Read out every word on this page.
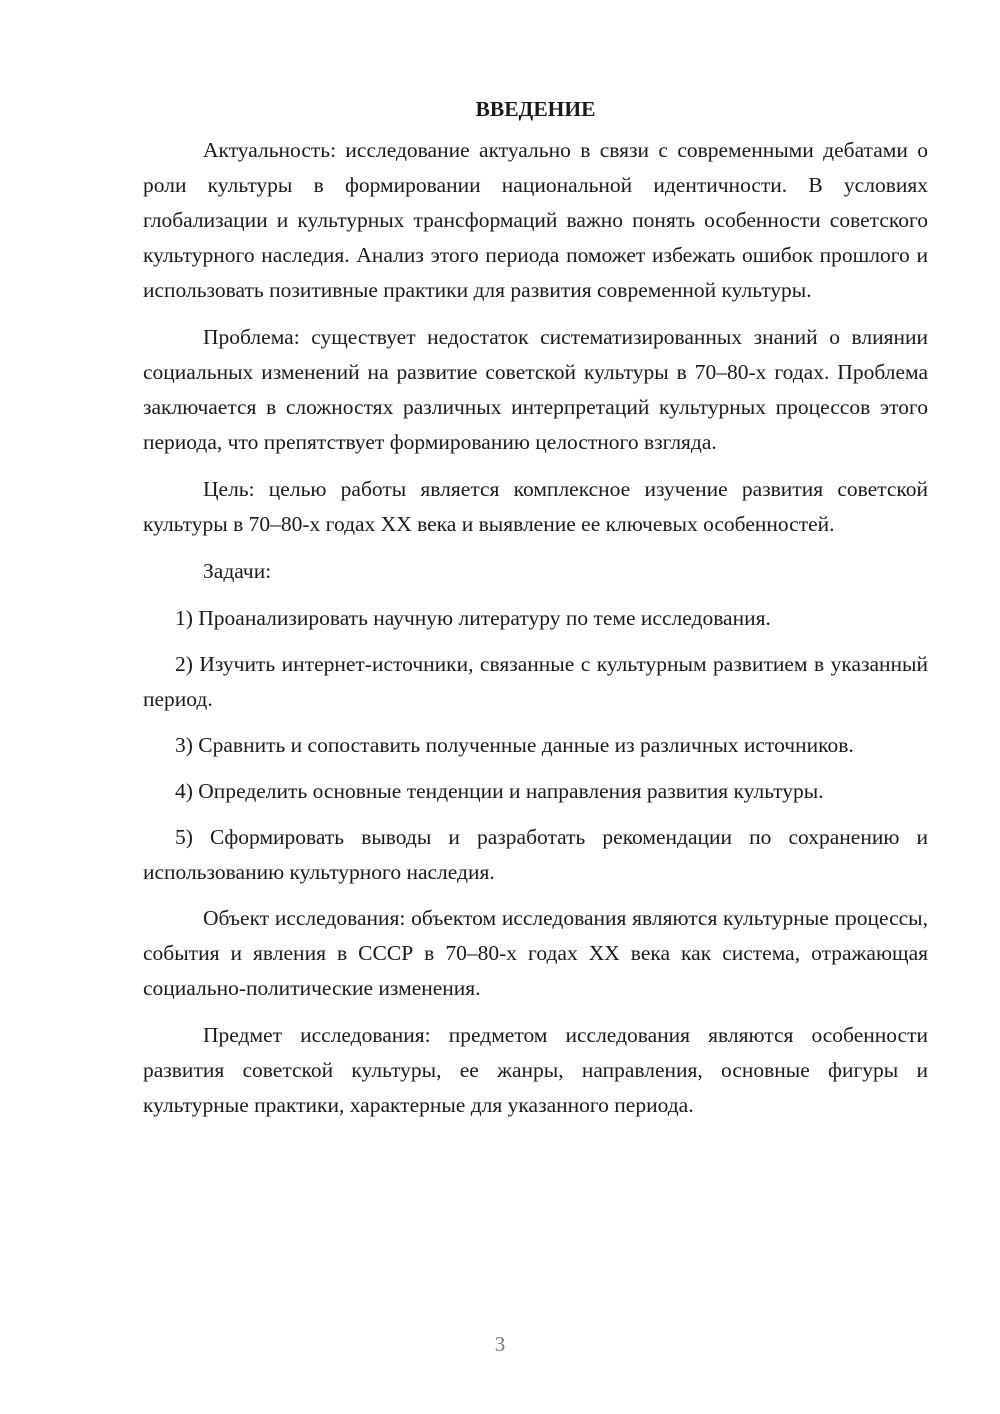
ВВЕДЕНИЕ

Актуальность: исследование актуально в связи с современными дебатами о роли культуры в формировании национальной идентичности. В условиях глобализации и культурных трансформаций важно понять особенности советского культурного наследия. Анализ этого периода поможет избежать ошибок прошлого и использовать позитивные практики для развития современной культуры.

Проблема: существует недостаток систематизированных знаний о влиянии социальных изменений на развитие советской культуры в 70–80-х годах. Проблема заключается в сложностях различных интерпретаций культурных процессов этого периода, что препятствует формированию целостного взгляда.

Цель: целью работы является комплексное изучение развития советской культуры в 70–80-х годах XX века и выявление ее ключевых особенностей.

Задачи:

1) Проанализировать научную литературу по теме исследования.

2) Изучить интернет-источники, связанные с культурным развитием в указанный период.

3) Сравнить и сопоставить полученные данные из различных источников.

4) Определить основные тенденции и направления развития культуры.

5) Сформировать выводы и разработать рекомендации по сохранению и использованию культурного наследия.

Объект исследования: объектом исследования являются культурные процессы, события и явления в СССР в 70–80-х годах XX века как система, отражающая социально-политические изменения.

Предмет исследования: предметом исследования являются особенности развития советской культуры, ее жанры, направления, основные фигуры и культурные практики, характерные для указанного периода.

3
